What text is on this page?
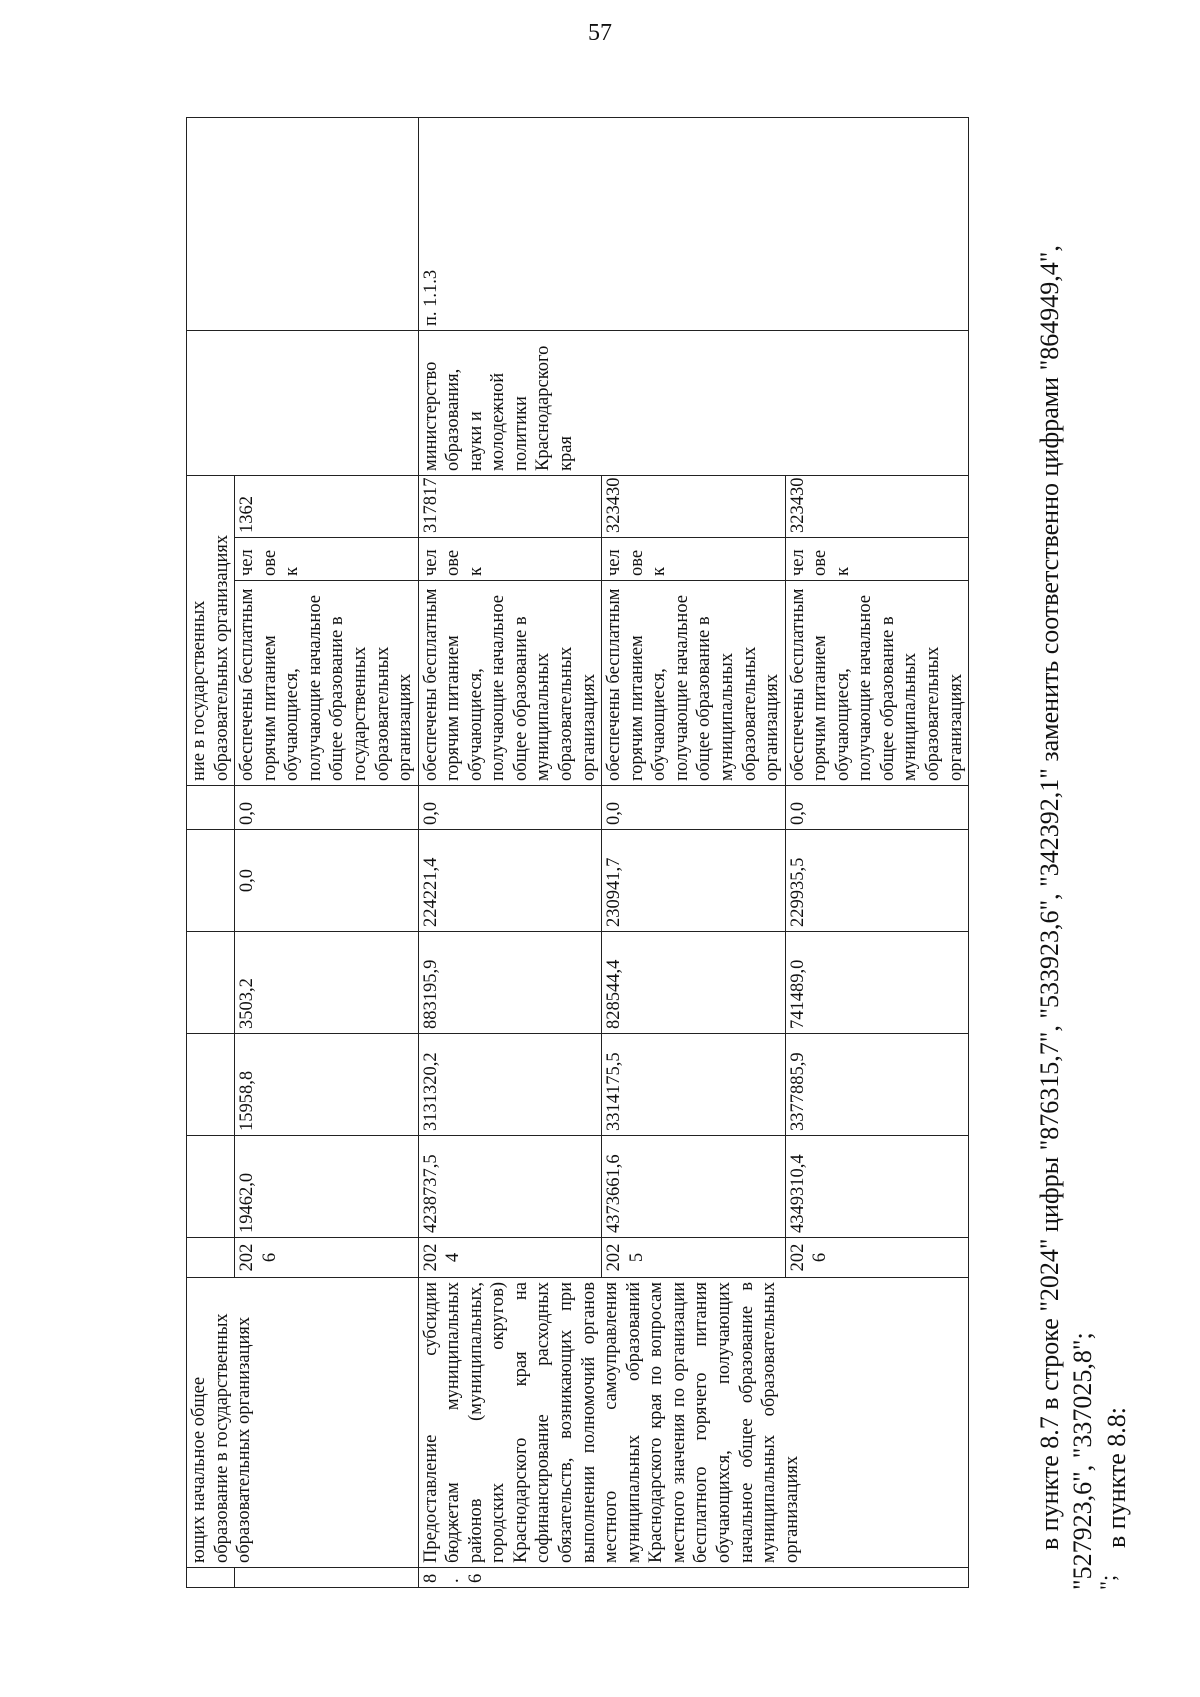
57
	ющих начальное общее образование в государственных образовательных организациях							ние в государственных образовательных организациях				
		2026	19462,0	15958,8	3503,2	0,0	0,0	обеспечены бесплатным горячим питанием обучающиеся, получающие начальное общее образование в государственных образовательных организациях	человек	1362		
8.6	Предоставление субсидии бюджетам муниципальных районов (муниципальных, городских округов) Краснодарского края на софинансирование расходных обязательств, возникающих при выполнении полномочий органов местного самоуправления муниципальных образований Краснодарского края по вопросам местного значения по организации бесплатного горячего питания обучающихся, получающих начальное общее образование в муниципальных образовательных организациях	2024	4238737,5	3131320,2	883195,9	224221,4	0,0	обеспечены бесплатным горячим питанием обучающиеся, получающие начальное общее образование в муниципальных образовательных организациях	человек	317817	министерство образования, науки и молодежной политики Краснодарского края	п. 1.1.3
		2025	4373661,6	3314175,5	828544,4	230941,7	0,0	обеспечены бесплатным горячим питанием обучающиеся, получающие начальное общее образование в муниципальных образовательных организациях	человек	323430		
		2026	4349310,4	3377885,9	741489,0	229935,5	0,0	обеспечены бесплатным горячим питанием обучающиеся, получающие начальное общее образование в муниципальных образовательных организациях	человек	323430		
";
в пункте 8.7 в строке "2024" цифры "876315,7", "533923,6", "342392,1" заменить соответственно цифрами "864949,4", "527923,6", "337025,8"; в пункте 8.8:
